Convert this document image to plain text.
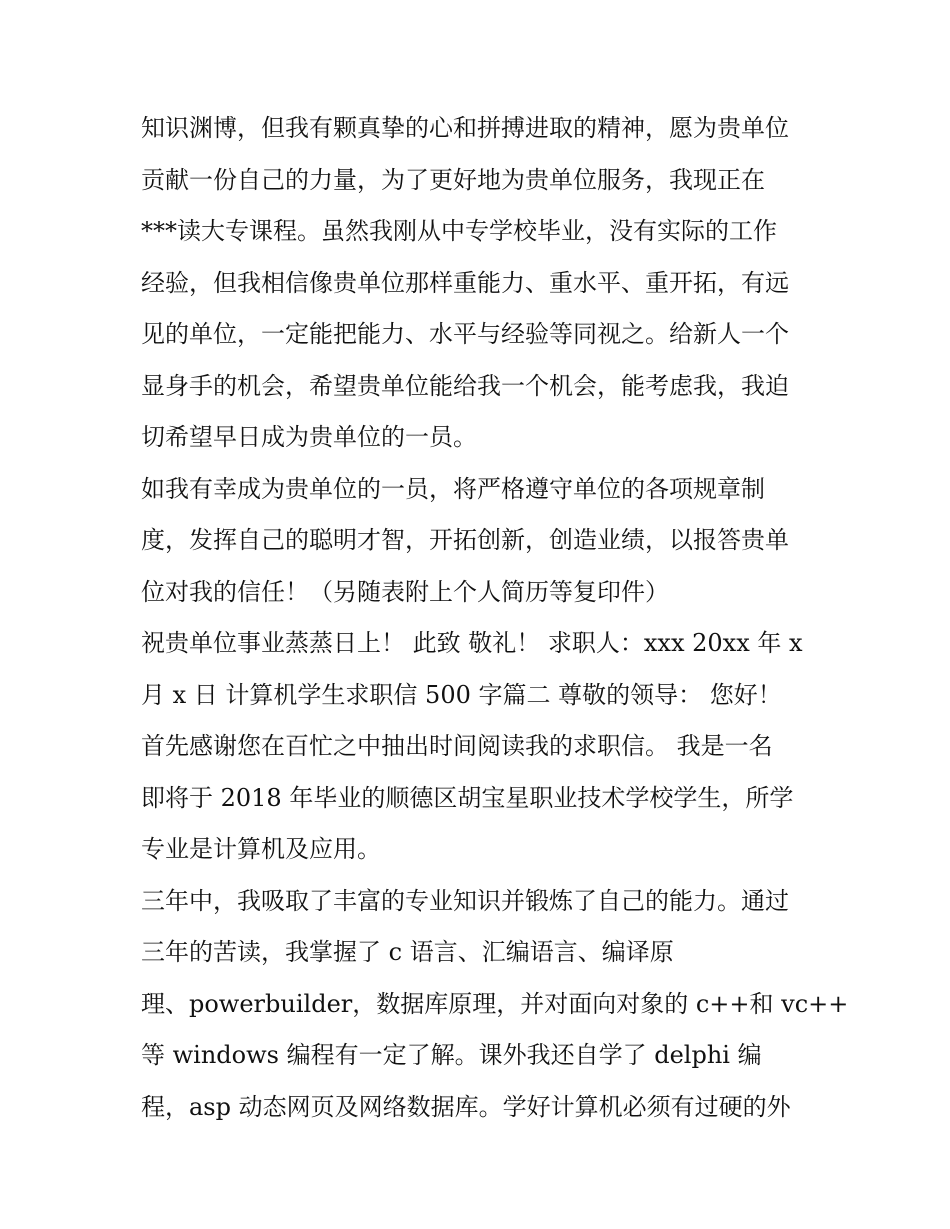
知识渊博，但我有颗真挚的心和拼搏进取的精神，愿为贵单位
贡献一份自己的力量，为了更好地为贵单位服务，我现正在
***读大专课程。虽然我刚从中专学校毕业，没有实际的工作
经验，但我相信像贵单位那样重能力、重水平、重开拓，有远
见的单位，一定能把能力、水平与经验等同视之。给新人一个
显身手的机会，希望贵单位能给我一个机会，能考虑我，我迫
切希望早日成为贵单位的一员。
如我有幸成为贵单位的一员，将严格遵守单位的各项规章制
度，发挥自己的聪明才智，开拓创新，创造业绩，以报答贵单
位对我的信任！（另随表附上个人简历等复印件）
祝贵单位事业蒸蒸日上！ 此致 敬礼！ 求职人：xxx 20xx 年 x
月 x 日 计算机学生求职信 500 字篇二 尊敬的领导： 您好！
首先感谢您在百忙之中抽出时间阅读我的求职信。 我是一名
即将于 2018 年毕业的顺德区胡宝星职业技术学校学生，所学
专业是计算机及应用。
三年中，我吸取了丰富的专业知识并锻炼了自己的能力。通过
三年的苦读，我掌握了 c 语言、汇编语言、编译原
理、powerbuilder，数据库原理，并对面向对象的 c++和 vc++
等 windows 编程有一定了解。课外我还自学了 delphi 编
程，asp 动态网页及网络数据库。学好计算机必须有过硬的外
